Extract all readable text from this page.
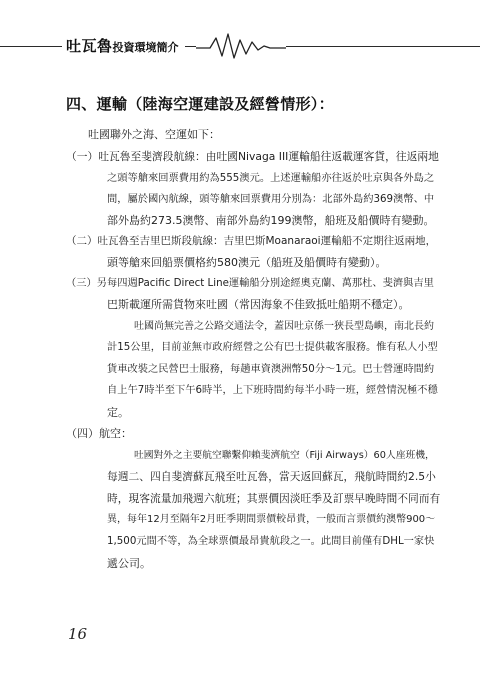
吐瓦魯投資環境簡介
四、運輸（陸海空運建設及經營情形）：
吐國聯外之海、空運如下：
（一）吐瓦魯至斐濟段航線：由吐國Nivaga III運輸船往返載運客貨，往返兩地
之頭等艙來回票費用約為555澳元。上述運輸船亦往返於吐京與各外島之
間，屬於國內航線，頭等艙來回票費用分別為：北部外島約369澳幣、中
部外島約273.5澳幣、南部外島約199澳幣，船班及船價時有變動。
（二）吐瓦魯至吉里巴斯段航線：吉里巴斯Moanaraoi運輸船不定期往返兩地，
頭等艙來回船票價格約580澳元（船班及船價時有變動）。
（三）另每四週Pacific Direct Line運輸船分別途經奧克蘭、萬那杜、斐濟與吉里
巴斯載運所需貨物來吐國（常因海象不佳致抵吐船期不穩定）。
吐國尚無完善之公路交通法令，蓋因吐京係一狹長型島嶼，南北長約
計15公里，目前並無市政府經營之公有巴士提供載客服務。惟有私人小型
貨車改裝之民營巴士服務，每趟車資澳洲幣50分～1元。巴士營運時間約
自上午7時半至下午6時半，上下班時間約每半小時一班，經營情況極不穩
定。
（四）航空：
吐國對外之主要航空聯繫仰賴斐濟航空（Fiji Airways）60人座班機，
每週二、四自斐濟蘇瓦飛至吐瓦魯，當天返回蘇瓦，飛航時間約2.5小
時，現客流量加飛週六航班；其票價因淡旺季及訂票早晚時間不同而有
異，每年12月至隔年2月旺季期間票價較昂貴，一般而言票價約澳幣900～
1,500元間不等，為全球票價最昂貴航段之一。此間目前僅有DHL一家快
遞公司。
16
